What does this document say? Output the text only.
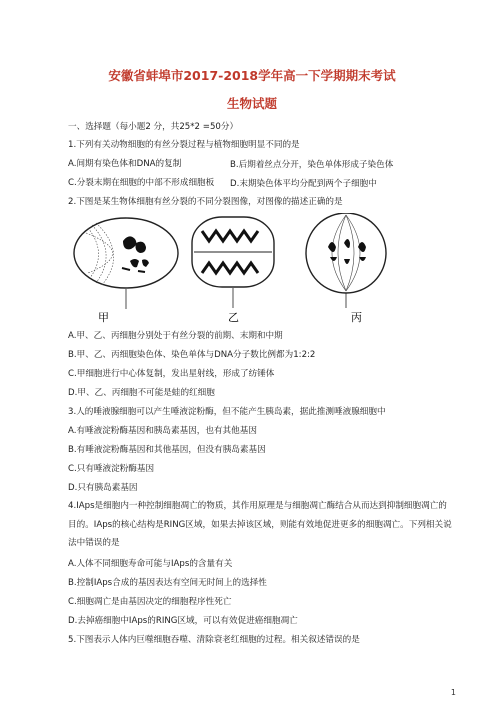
安徽省蚌埠市2017-2018学年高一下学期期末考试
生物试题
一、选择题（每小题2 分，共25*2 =50分）
1.下列有关动物细胞的有丝分裂过程与植物细胞明显不同的是
A.间期有染色体和DNA的复制	B.后期着丝点分开，染色单体形成子染色体
C.分裂末期在细胞的中部不形成细胞板 D.末期染色体平均分配到两个子细胞中
2.下图是某生物体细胞有丝分裂的不同分裂图像，对图像的描述正确的是
甲	乙	丙
A.甲、乙、丙细胞分别处于有丝分裂的前期、末期和中期
B.甲、乙、丙细胞染色体、染色单体与DNA分子数比例都为1:2:2
C.甲细胞进行中心体复制，发出星射线，形成了纺锤体
D.甲、乙、丙细胞不可能是蛙的红细胞
3.人的唾液腺细胞可以产生唾液淀粉酶，但不能产生胰岛素，据此推测唾液腺细胞中
A.有唾液淀粉酶基因和胰岛素基因，也有其他基因
B.有唾液淀粉酶基因和其他基因，但没有胰岛素基因
C.只有唾液淀粉酶基因
D.只有胰岛素基因
4.IAps是细胞内一种控制细胞凋亡的物质，其作用原理是与细胞凋亡酶结合从而达到抑制细胞凋亡的目的。IAps的核心结构是RING区域，如果去掉该区域，则能有效地促进更多的细胞凋亡。下列相关说法中错误的是
A.人体不同细胞寿命可能与IAps的含量有关
B.控制IAps合成的基因表达有空间无时间上的选择性
C.细胞凋亡是由基因决定的细胞程序性死亡
D.去掉癌细胞中IAps的RING区域，可以有效促进癌细胞凋亡
5.下图表示人体内巨噬细胞吞噬、清除衰老红细胞的过程。相关叙述错误的是
1
